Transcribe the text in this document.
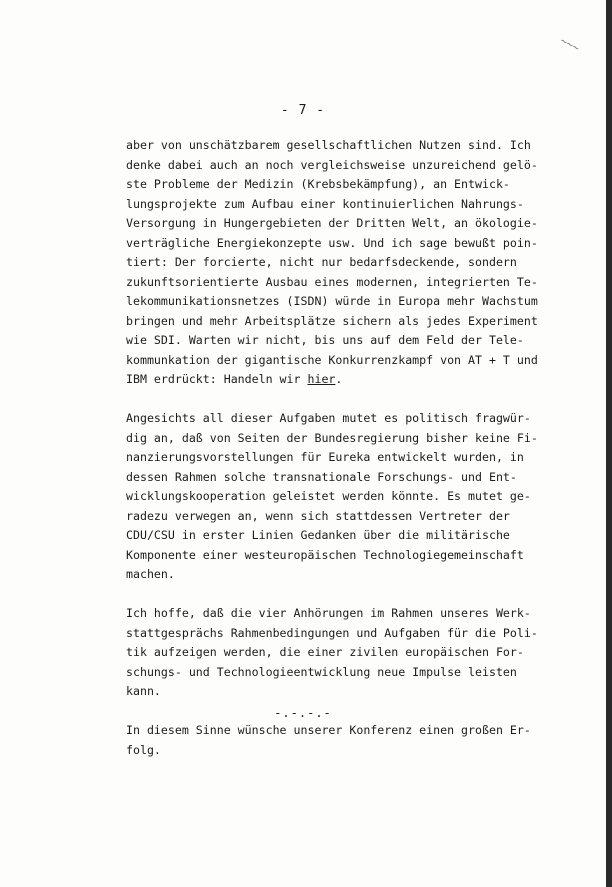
~~~
- 7 -
aber von unschätzbarem gesellschaftlichen Nutzen sind. Ich
denke dabei auch an noch vergleichsweise unzureichend gelö-
ste Probleme der Medizin (Krebsbekämpfung), an Entwick-
lungsprojekte zum Aufbau einer kontinuierlichen Nahrungs-
Versorgung in Hungergebieten der Dritten Welt, an ökologie-
verträgliche Energiekonzepte usw. Und ich sage bewußt poin-
tiert: Der forcierte, nicht nur bedarfsdeckende, sondern
zukunftsorientierte Ausbau eines modernen, integrierten Te-
lekommunikationsnetzes (ISDN) würde in Europa mehr Wachstum
bringen und mehr Arbeitsplätze sichern als jedes Experiment
wie SDI. Warten wir nicht, bis uns auf dem Feld der Tele-
kommunkation der gigantische Konkurrenzkampf von AT + T und
IBM erdrückt: Handeln wir hier.
Angesichts all dieser Aufgaben mutet es politisch fragwür-
dig an, daß von Seiten der Bundesregierung bisher keine Fi-
nanzierungsvorstellungen für Eureka entwickelt wurden, in
dessen Rahmen solche transnationale Forschungs- und Ent-
wicklungskooperation geleistet werden könnte. Es mutet ge-
radezu verwegen an, wenn sich stattdessen Vertreter der
CDU/CSU in erster Linien Gedanken über die militärische
Komponente einer westeuropäischen Technologiegemeinschaft
machen.
Ich hoffe, daß die vier Anhörungen im Rahmen unseres Werk-
stattgesprächs Rahmenbedingungen und Aufgaben für die Poli-
tik aufzeigen werden, die einer zivilen europäischen For-
schungs- und Technologieentwicklung neue Impulse leisten
kann.
In diesem Sinne wünsche unserer Konferenz einen großen Er-
folg.
-.-.-.-
